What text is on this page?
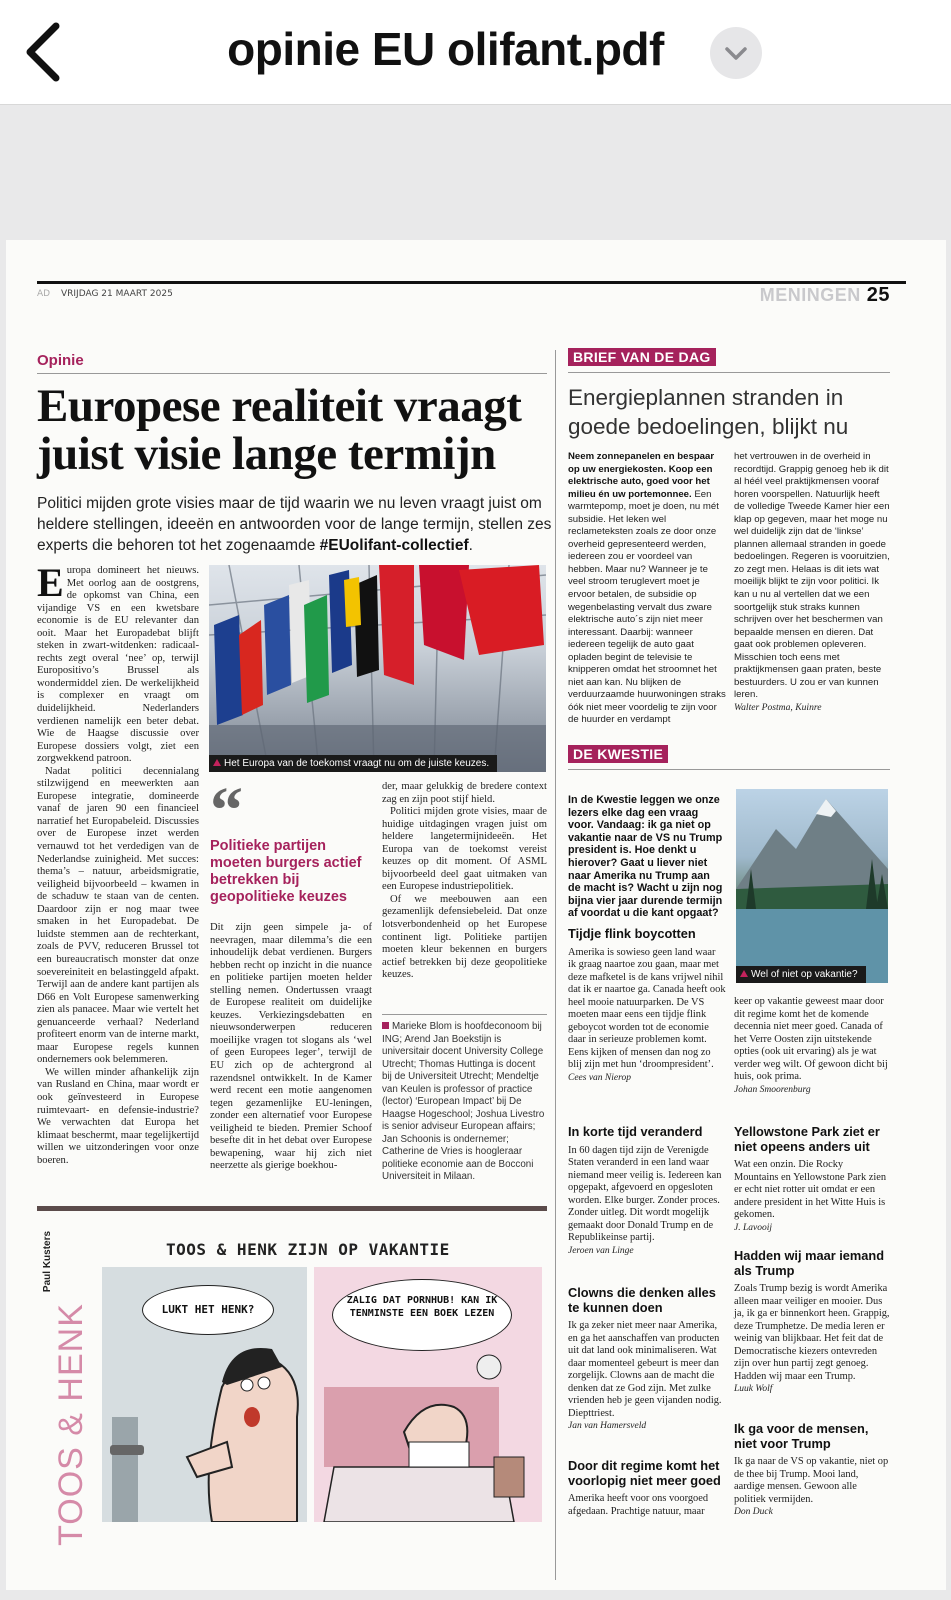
opinie EU olifant.pdf
AD VRIJDAG 21 MAART 2025	MENINGEN 25
Opinie
Europese realiteit vraagt juist visie lange termijn
Politici mijden grote visies maar de tijd waarin we nu leven vraagt juist om heldere stellingen, ideeën en antwoorden voor de lange termijn, stellen zes experts die behoren tot het zogenaamde #EUolifant-collectief.

Europa domineert het nieuws. Met oorlog aan de oostgrens, de opkomst van China, een vijandige VS en een kwetsbare economie is de EU relevanter dan ooit. Maar het Europadebat blijft steken in zwart-witdenken: radicaal-rechts zegt overal ‘nee’ op, terwijl Europositivo’s Brussel als wondermiddel zien. De werkelijkheid is complexer en vraagt om duidelijkheid. Nederlanders verdienen namelijk een beter debat. Wie de Haagse discussie over Europese dossiers volgt, ziet een zorgwekkend patroon.

Nadat politici decennialang stilzwijgend en meewerkten aan Europese integratie, domineerde vanaf de jaren 90 een financieel narratief het Europabeleid. Discussies over de Europese inzet werden vernauwd tot het verdedigen van de Nederlandse zuinigheid. Met succes: thema’s – natuur, arbeidsmigratie, veiligheid bijvoorbeeld – kwamen in de schaduw te staan van de centen. Daardoor zijn er nog maar twee smaken in het Europadebat. De luidste stemmen aan de rechterkant, zoals de PVV, reduceren Brussel tot een bureaucratisch monster dat onze soevereiniteit en belastinggeld afpakt. Terwijl aan de andere kant partijen als D66 en Volt Europese samenwerking zien als panacee. Maar wie vertelt het genuanceerde verhaal? Nederland profiteert enorm van de interne markt, maar Europese regels kunnen ondernemers ook belemmeren.

We willen minder afhankelijk zijn van Rusland en China, maar wordt er ook geïnvesteerd in Europese ruimtevaart- en defensie-industrie? We verwachten dat Europa het klimaat beschermt, maar tegelijkertijd willen we uitzonderingen voor onze boeren.

Het Europa van de toekomst vraagt nu om de juiste keuzes.
“
Politieke partijen moeten burgers actief betrekken bij geopolitieke keuzes

Dit zijn geen simpele ja- of neevragen, maar dilemma’s die een inhoudelijk debat verdienen. Burgers hebben recht op inzicht in die nuance en politieke partijen moeten helder stelling nemen. Ondertussen vraagt de Europese realiteit om duidelijke keuzes. Verkiezingsdebatten en nieuwsonderwerpen reduceren moeilijke vragen tot slogans als ‘wel of geen Europees leger’, terwijl de EU zich op de achtergrond al razendsnel ontwikkelt. In de Kamer werd recent een motie aangenomen tegen gezamenlijke EU-leningen, zonder een alternatief voor Europese veiligheid te bieden. Premier Schoof besefte dit in het debat over Europese bewapening, waar hij zich niet neerzette als gierige boekhou-

der, maar gelukkig de bredere context zag en zijn poot stijf hield.

Politici mijden grote visies, maar de huidige uitdagingen vragen juist om heldere langetermijnideeën. Het Europa van de toekomst vereist keuzes op dit moment. Of ASML bijvoorbeeld deel gaat uitmaken van een Europese industriepolitiek.

Of we meebouwen aan een gezamenlijk defensiebeleid. Dat onze lotsverbondenheid op het Europese continent ligt. Politieke partijen moeten kleur bekennen en burgers actief betrekken bij deze geopolitieke keuzes.

Marieke Blom is hoofdeconoom bij ING; Arend Jan Boekstijn is universitair docent University College Utrecht; Thomas Huttinga is docent bij de Universiteit Utrecht; Mendeltje van Keulen is professor of practice (lector) ‘European Impact’ bij De Haagse Hogeschool; Joshua Livestro is senior adviseur European affairs; Jan Schoonis is ondernemer; Catherine de Vries is hoogleraar politieke economie aan de Bocconi Universiteit in Milaan.
Paul Kusters
TOOS & HENK
TOOS & HENK ZIJN OP VAKANTIE
LUKT HET HENK?
ZALIG DAT PORNHUB! KAN IK TENMINSTE EEN BOEK LEZEN
BRIEF VAN DE DAG
Energieplannen stranden in goede bedoelingen, blijkt nu
Neem zonnepanelen en bespaar op uw energiekosten. Koop een elektrische auto, goed voor het milieu én uw portemonnee. Een warmtepomp, moet je doen, nu mét subsidie. Het leken wel reclameteksten zoals ze door onze overheid gepresenteerd werden, iedereen zou er voordeel van hebben. Maar nu? Wanneer je te veel stroom teruglevert moet je ervoor betalen, de subsidie op wegenbelasting vervalt dus zware elektrische auto´s zijn niet meer interessant. Daarbij: wanneer iedereen tegelijk de auto gaat opladen begint de televisie te knipperen omdat het stroomnet het niet aan kan. Nu blijken de verduurzaamde huurwoningen straks óók niet meer voordelig te zijn voor de huurder en verdampt
het vertrouwen in de overheid in recordtijd. Grappig genoeg heb ik dit al héél veel praktijkmensen vooraf horen voorspellen. Natuurlijk heeft de volledige Tweede Kamer hier een klap op gegeven, maar het moge nu wel duidelijk zijn dat de ‘linkse’ plannen allemaal stranden in goede bedoelingen. Regeren is vooruitzien, zo zegt men. Helaas is dit iets wat moeilijk blijkt te zijn voor politici. Ik kan u nu al vertellen dat we een soortgelijk stuk straks kunnen schrijven over het beschermen van bepaalde mensen en dieren. Dat gaat ook problemen opleveren. Misschien toch eens met praktijkmensen gaan praten, beste bestuurders. U zou er van kunnen leren.
Walter Postma, Kuinre
DE KWESTIE
In de Kwestie leggen we onze lezers elke dag een vraag voor. Vandaag: ik ga niet op vakantie naar de VS nu Trump president is. Hoe denkt u hierover? Gaat u liever niet naar Amerika nu Trump aan de macht is? Wacht u zijn nog bijna vier jaar durende termijn af voordat u die kant opgaat?
Wel of niet op vakantie?
Tijdje flink boycotten
Amerika is sowieso geen land waar ik graag naartoe zou gaan, maar met deze mafketel is de kans vrijwel nihil dat ik er naartoe ga. Canada heeft ook heel mooie natuurparken. De VS moeten maar eens een tijdje flink geboycot worden tot de economie daar in serieuze problemen komt. Eens kijken of mensen dan nog zo blij zijn met hun ‘droompresident’.
Cees van Nierop
In korte tijd veranderd
In 60 dagen tijd zijn de Verenigde Staten veranderd in een land waar niemand meer veilig is. Iedereen kan opgepakt, afgevoerd en opgesloten worden. Elke burger. Zonder proces. Zonder uitleg. Dit wordt mogelijk gemaakt door Donald Trump en de Republikeinse partij.
Jeroen van Linge
Clowns die denken alles te kunnen doen
Ik ga zeker niet meer naar Amerika, en ga het aanschaffen van producten uit dat land ook minimaliseren. Wat daar momenteel gebeurt is meer dan zorgelijk. Clowns aan de macht die denken dat ze God zijn. Met zulke vrienden heb je geen vijanden nodig. Diepttriest.
Jan van Hamersveld
Door dit regime komt het voorlopig niet meer goed
Amerika heeft voor ons voorgoed afgedaan. Prachtige natuur, maar
keer op vakantie geweest maar door dit regime komt het de komende decennia niet meer goed. Canada of het Verre Oosten zijn uitstekende opties (ook uit ervaring) als je wat verder weg wilt. Of gewoon dicht bij huis, ook prima.
Johan Smoorenburg
Yellowstone Park ziet er niet opeens anders uit
Wat een onzin. Die Rocky Mountains en Yellowstone Park zien er echt niet rotter uit omdat er een andere president in het Witte Huis is gekomen.
J. Lavooij
Hadden wij maar iemand als Trump
Zoals Trump bezig is wordt Amerika alleen maar veiliger en mooier. Dus ja, ik ga er binnenkort heen. Grappig, deze Trumphetze. De media leren er weinig van blijkbaar. Het feit dat de Democratische kiezers ontevreden zijn over hun partij zegt genoeg. Hadden wij maar een Trump.
Luuk Wolf
Ik ga voor de mensen, niet voor Trump
Ik ga naar de VS op vakantie, niet op de thee bij Trump. Mooi land, aardige mensen. Gewoon alle politiek vermijden.
Don Duck
